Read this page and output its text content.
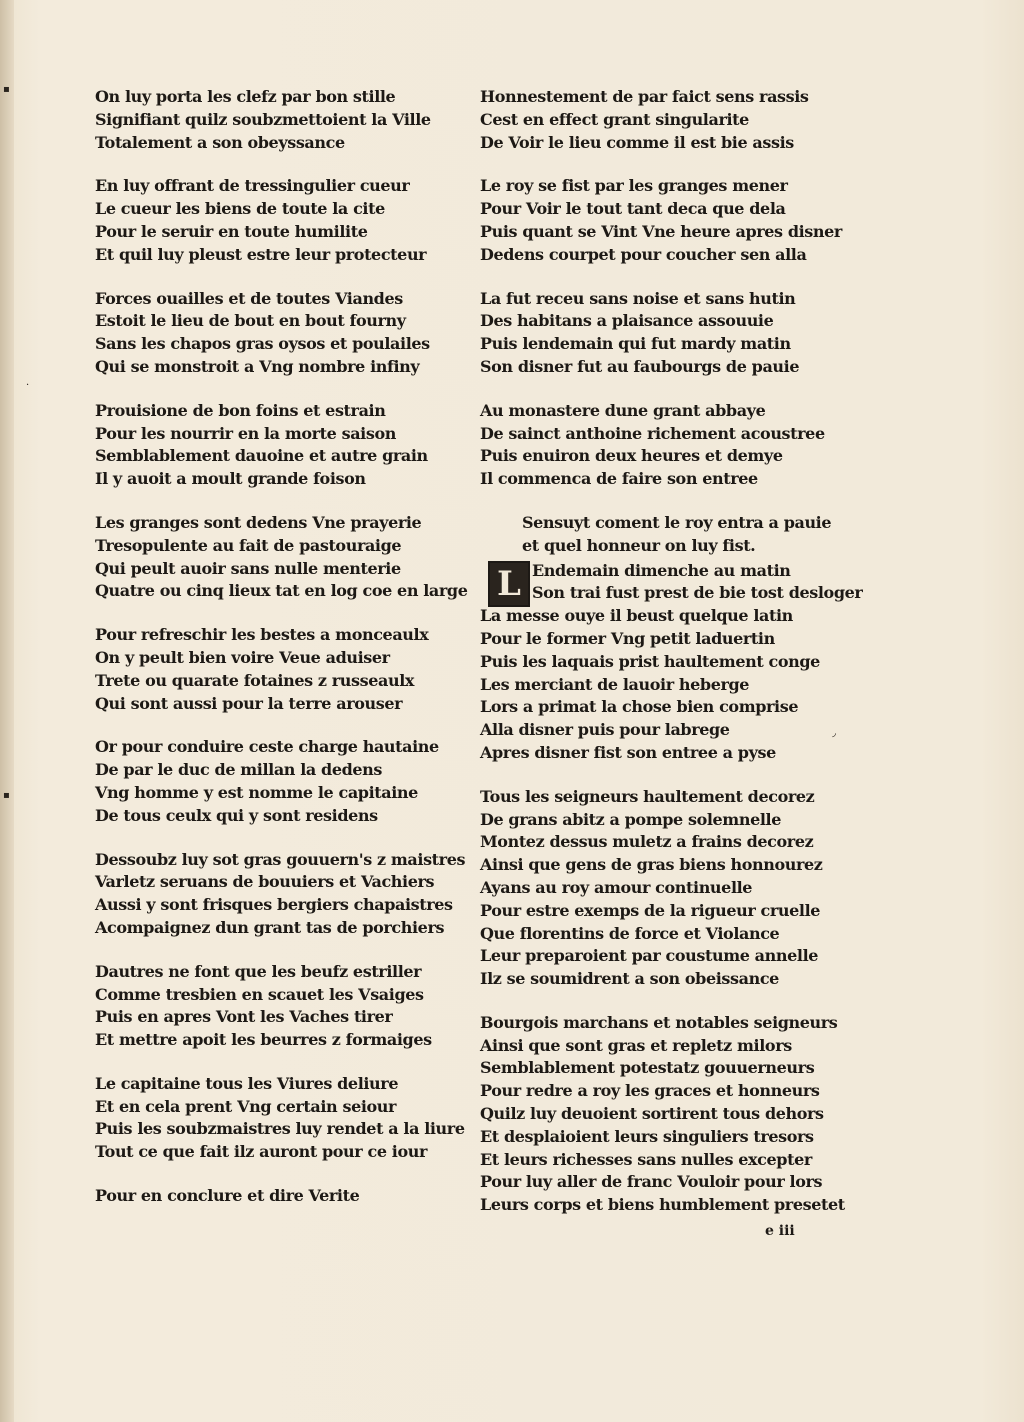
▪
·
▪
◞
On luy porta les clefz par bon stille
Signifiant quilz soubzmettoient la Ville
Totalement a son obeyssance
En luy offrant de tressingulier cueur
Le cueur les biens de toute la cite
Pour le seruir en toute humilite
Et quil luy pleust estre leur protecteur
Forces ouailles et de toutes Viandes
Estoit le lieu de bout en bout fourny
Sans les chapos gras oysos et poulailes
Qui se monstroit a Vng nombre infiny
Prouisione de bon foins et estrain
Pour les nourrir en la morte saison
Semblablement dauoine et autre grain
Il y auoit a moult grande foison
Les granges sont dedens Vne prayerie
Tresopulente au fait de pastouraige
Qui peult auoir sans nulle menterie
Quatre ou cinq lieux tat en log coe en large
Pour refreschir les bestes a monceaulx
On y peult bien voire Veue aduiser
Trete ou quarate fotaines z russeaulx
Qui sont aussi pour la terre arouser
Or pour conduire ceste charge hautaine
De par le duc de millan la dedens
Vng homme y est nomme le capitaine
De tous ceulx qui y sont residens
Dessoubz luy sot gras gouuern's z maistres
Varletz seruans de bouuiers et Vachiers
Aussi y sont frisques bergiers chapaistres
Acompaignez dun grant tas de porchiers
Dautres ne font que les beufz estriller
Comme tresbien en scauet les Vsaiges
Puis en apres Vont les Vaches tirer
Et mettre apoit les beurres z formaiges
Le capitaine tous les Viures deliure
Et en cela prent Vng certain seiour
Puis les soubzmaistres luy rendet a la liure
Tout ce que fait ilz auront pour ce iour
Pour en conclure et dire Verite
Honnestement de par faict sens rassis
Cest en effect grant singularite
De Voir le lieu comme il est bie assis
Le roy se fist par les granges mener
Pour Voir le tout tant deca que dela
Puis quant se Vint Vne heure apres disner
Dedens courpet pour coucher sen alla
La fut receu sans noise et sans hutin
Des habitans a plaisance assouuie
Puis lendemain qui fut mardy matin
Son disner fut au faubourgs de pauie
Au monastere dune grant abbaye
De sainct anthoine richement acoustree
Puis enuiron deux heures et demye
Il commenca de faire son entree
Sensuyt coment le roy entra a pauie
et quel honneur on luy fist.
L Endemain dimenche au matin
Son trai fust prest de bie tost desloger
La messe ouye il beust quelque latin
Pour le former Vng petit laduertin
Puis les laquais prist haultement conge
Les merciant de lauoir heberge
Lors a primat la chose bien comprise
Alla disner puis pour labrege
Apres disner fist son entree a pyse
Tous les seigneurs haultement decorez
De grans abitz a pompe solemnelle
Montez dessus muletz a frains decorez
Ainsi que gens de gras biens honnourez
Ayans au roy amour continuelle
Pour estre exemps de la rigueur cruelle
Que florentins de force et Violance
Leur preparoient par coustume annelle
Ilz se soumidrent a son obeissance
Bourgois marchans et notables seigneurs
Ainsi que sont gras et repletz milors
Semblablement potestatz gouuerneurs
Pour redre a roy les graces et honneurs
Quilz luy deuoient sortirent tous dehors
Et desplaioient leurs singuliers tresors
Et leurs richesses sans nulles excepter
Pour luy aller de franc Vouloir pour lors
Leurs corps et biens humblement presetet
e iii
